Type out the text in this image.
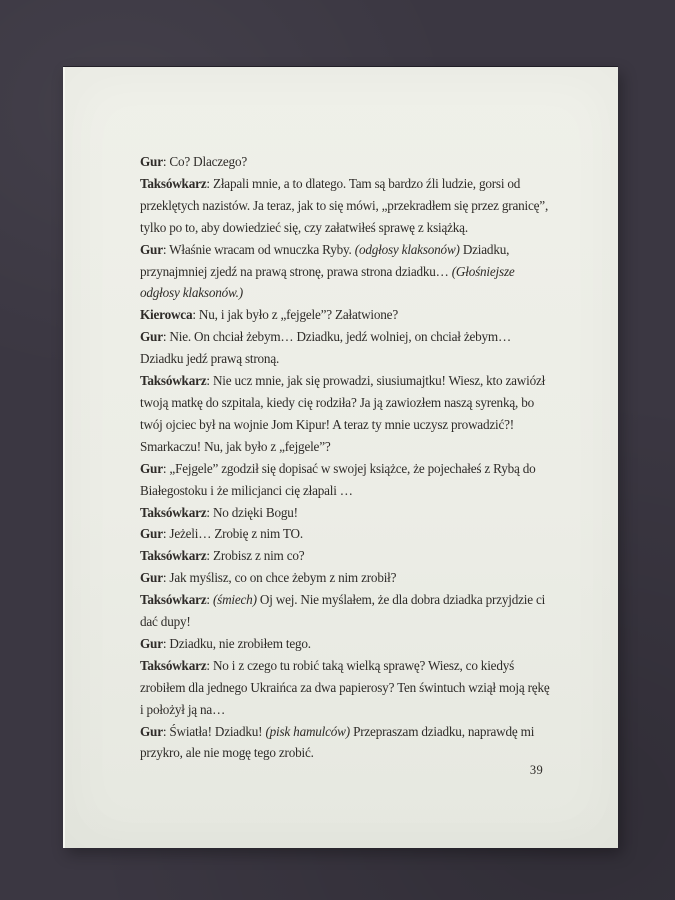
Gur: Co? Dlaczego?
Taksówkarz: Złapali mnie, a to dlatego. Tam są bardzo źli ludzie, gorsi od
przeklętych nazistów. Ja teraz, jak to się mówi, „przekradłem się przez granicę”,
tylko po to, aby dowiedzieć się, czy załatwiłeś sprawę z książką.
Gur: Właśnie wracam od wnuczka Ryby. (odgłosy klaksonów) Dziadku,
przynajmniej zjedź na prawą stronę, prawa strona dziadku… (Głośniejsze
odgłosy klaksonów.)
Kierowca: Nu, i jak było z „fejgele”? Załatwione?
Gur: Nie. On chciał żebym… Dziadku, jedź wolniej, on chciał żebym…
Dziadku jedź prawą stroną.
Taksówkarz: Nie ucz mnie, jak się prowadzi, siusiumajtku! Wiesz, kto zawiózł
twoją matkę do szpitala, kiedy cię rodziła? Ja ją zawiozłem naszą syrenką, bo
twój ojciec był na wojnie Jom Kipur! A teraz ty mnie uczysz prowadzić?!
Smarkaczu! Nu, jak było z „fejgele”?
Gur: „Fejgele” zgodził się dopisać w swojej książce, że pojechałeś z Rybą do
Białegostoku i że milicjanci cię złapali …
Taksówkarz: No dzięki Bogu!
Gur: Jeżeli… Zrobię z nim TO.
Taksówkarz: Zrobisz z nim co?
Gur: Jak myślisz, co on chce żebym z nim zrobił?
Taksówkarz: (śmiech) Oj wej. Nie myślałem, że dla dobra dziadka przyjdzie ci
dać dupy!
Gur: Dziadku, nie zrobiłem tego.
Taksówkarz: No i z czego tu robić taką wielką sprawę? Wiesz, co kiedyś
zrobiłem dla jednego Ukraińca za dwa papierosy? Ten świntuch wziął moją rękę
i położył ją na…
Gur: Światła! Dziadku! (pisk hamulców) Przepraszam dziadku, naprawdę mi
przykro, ale nie mogę tego zrobić.
39
